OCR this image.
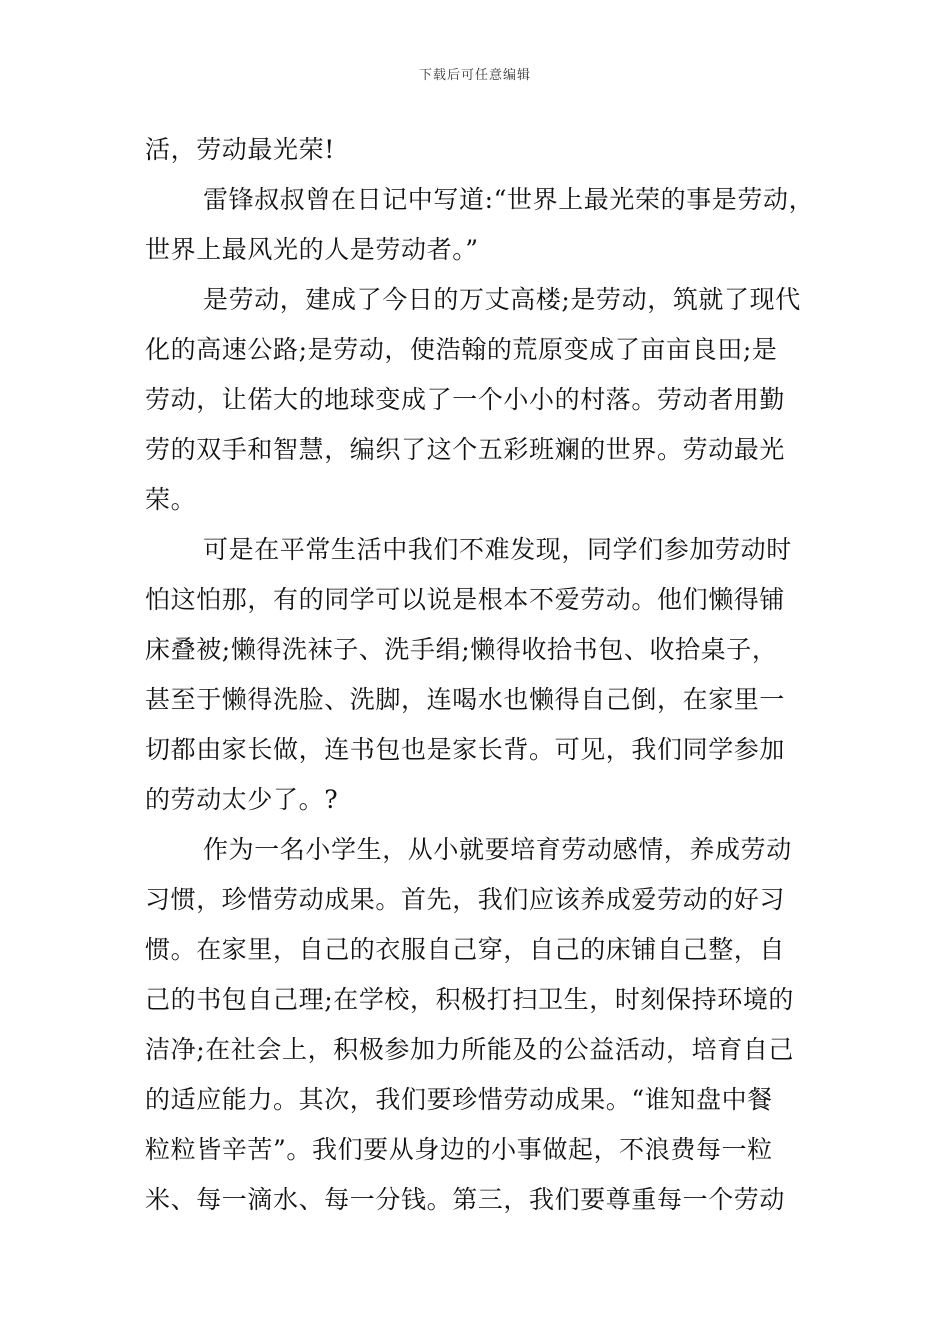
下载后可任意编辑
活，劳动最光荣!
雷锋叔叔曾在日记中写道:“世界上最光荣的事是劳动，
世界上最风光的人是劳动者。”
是劳动，建成了今日的万丈高楼;是劳动，筑就了现代
化的高速公路;是劳动，使浩翰的荒原变成了亩亩良田;是
劳动，让偌大的地球变成了一个小小的村落。劳动者用勤
劳的双手和智慧，编织了这个五彩班斓的世界。劳动最光
荣。
可是在平常生活中我们不难发现，同学们参加劳动时
怕这怕那，有的同学可以说是根本不爱劳动。他们懒得铺
床叠被;懒得洗袜子、洗手绢;懒得收拾书包、收拾桌子，
甚至于懒得洗脸、洗脚，连喝水也懒得自己倒，在家里一
切都由家长做，连书包也是家长背。可见，我们同学参加
的劳动太少了。?
作为一名小学生，从小就要培育劳动感情，养成劳动
习惯，珍惜劳动成果。首先，我们应该养成爱劳动的好习
惯。在家里，自己的衣服自己穿，自己的床铺自己整，自
己的书包自己理;在学校，积极打扫卫生，时刻保持环境的
洁净;在社会上，积极参加力所能及的公益活动，培育自己
的适应能力。其次，我们要珍惜劳动成果。“谁知盘中餐
粒粒皆辛苦”。我们要从身边的小事做起，不浪费每一粒
米、每一滴水、每一分钱。第三，我们要尊重每一个劳动
